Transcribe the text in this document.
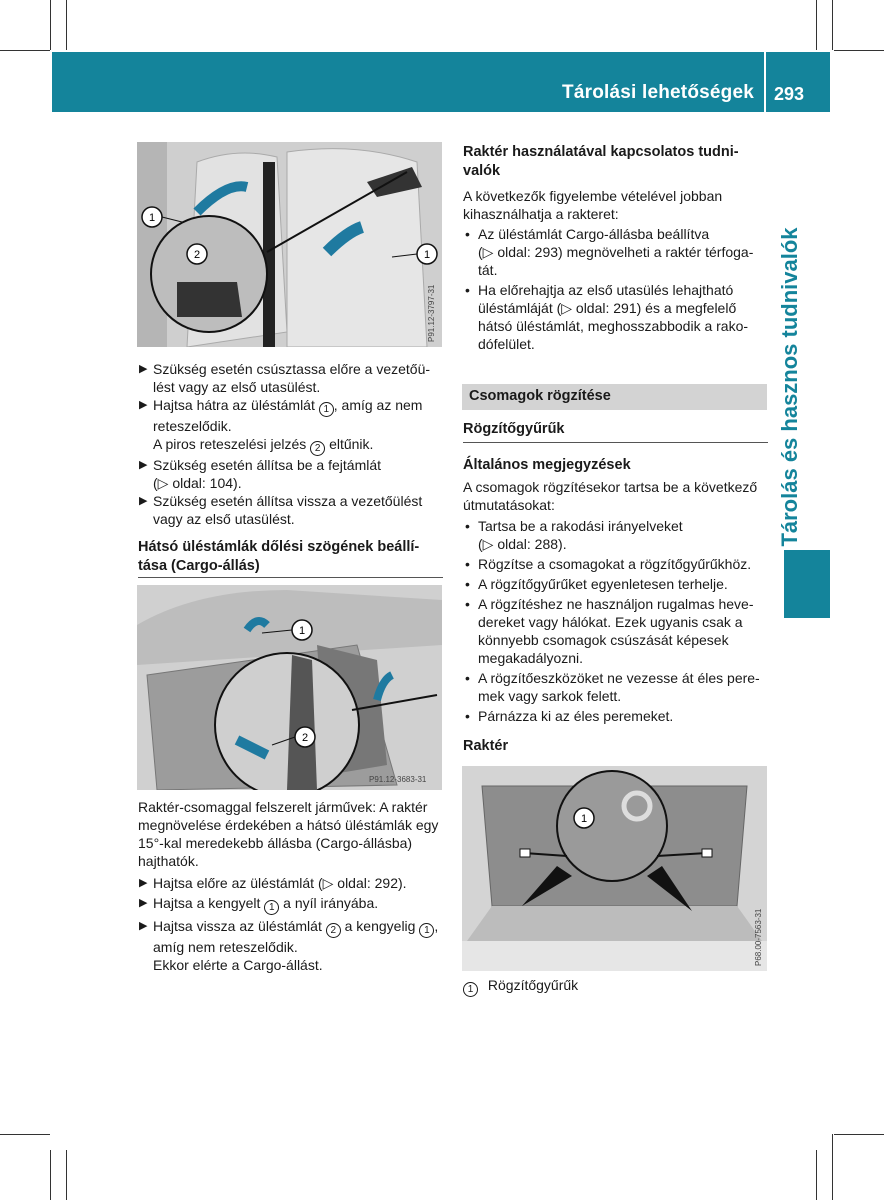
Tárolási lehetőségek 293
Tárolás és hasznos tudnivalók
1
2	1
P91.12-3797-31

▶ Szükség esetén csúsztassa előre a vezetőü-
lést vagy az első utasülést.

▶ Hajtsa hátra az üléstámlát 1 , amíg az nem
reteszelődik.

A piros reteszelési jelzés 2 eltűnik.

▶ Szükség esetén állítsa be a fejtámlát
(▷ oldal: 104).

▶ Szükség esetén állítsa vissza a vezetőülést
vagy az első utasülést.

Hátsó üléstámlák dőlési szögének beállí-
tása (Cargo-állás)

1
2
P91.12-3683-31

Raktér-csomaggal felszerelt járművek: A raktér
megnövelése érdekében a hátsó üléstámlák egy
15°-kal meredekebb állásba (Cargo-állásba)
hajthatók.

▶ Hajtsa előre az üléstámlát (▷ oldal: 292).

▶ Hajtsa a kengyelt 1 a nyíl irányába.

▶ Hajtsa vissza az üléstámlát 2 a kengyelig 1 ,
amíg nem reteszelődik.
Ekkor elérte a Cargo-állást.

Raktér használatával kapcsolatos tudni-
valók

A következők figyelembe vételével jobban
kihasználhatja a rakteret:

• Az üléstámlát Cargo-állásba beállítva
(▷ oldal: 293) megnövelheti a raktér térfoga-
tát.

• Ha előrehajtja az első utasülés lehajtható
üléstámláját (▷ oldal: 291) és a megfelelő
hátsó üléstámlát, meghosszabbodik a rako-
dófelület.

Csomagok rögzítése

Rögzítőgyűrűk

Általános megjegyzések

A csomagok rögzítésekor tartsa be a következő
útmutatásokat:

• Tartsa be a rakodási irányelveket
(▷ oldal: 288).

• Rögzítse a csomagokat a rögzítőgyűrűkhöz.

• A rögzítőgyűrűket egyenletesen terhelje.

• A rögzítéshez ne használjon rugalmas heve-
dereket vagy hálókat. Ezek ugyanis csak a
könnyebb csomagok csúszását képesek
megakadályozni.

• A rögzítőeszközöket ne vezesse át éles pere-
mek vagy sarkok felett.

• Párnázza ki az éles peremeket.

Raktér

1
P68.00-7563-31
1 Rögzítőgyűrűk
